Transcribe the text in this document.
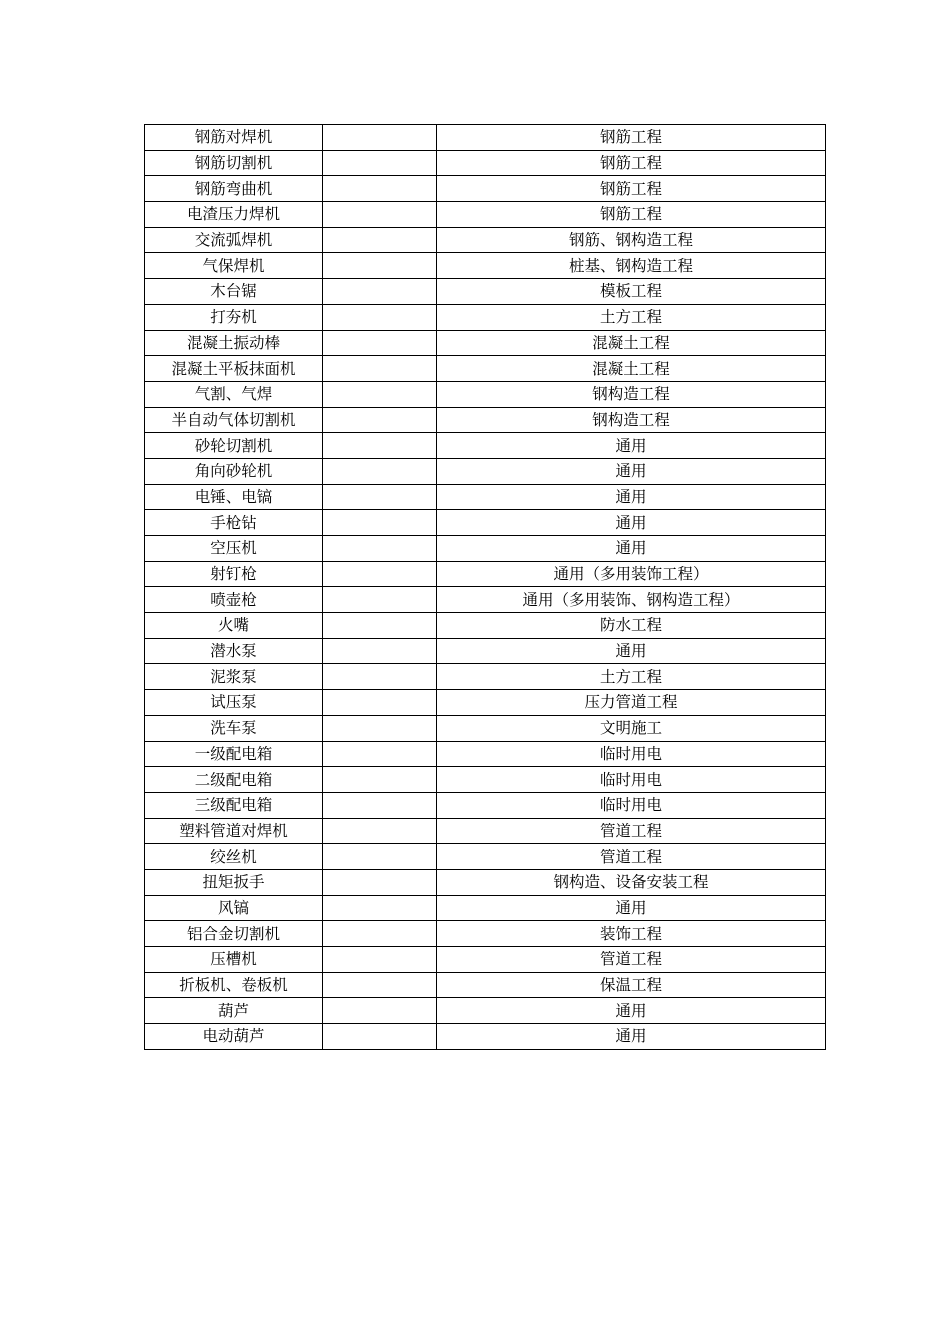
钢筋对焊机		钢筋工程
钢筋切割机		钢筋工程
钢筋弯曲机		钢筋工程
电渣压力焊机		钢筋工程
交流弧焊机		钢筋、钢构造工程
气保焊机		桩基、钢构造工程
木台锯		模板工程
打夯机		土方工程
混凝土振动棒		混凝土工程
混凝土平板抹面机		混凝土工程
气割、气焊		钢构造工程
半自动气体切割机		钢构造工程
砂轮切割机		通用
角向砂轮机		通用
电锤、电镐		通用
手枪钻		通用
空压机		通用
射钉枪		通用（多用装饰工程）
喷壶枪		通用（多用装饰、钢构造工程）
火嘴		防水工程
潜水泵		通用
泥浆泵		土方工程
试压泵		压力管道工程
洗车泵		文明施工
一级配电箱		临时用电
二级配电箱		临时用电
三级配电箱		临时用电
塑料管道对焊机		管道工程
绞丝机		管道工程
扭矩扳手		钢构造、设备安装工程
风镐		通用
铝合金切割机		装饰工程
压槽机		管道工程
折板机、卷板机		保温工程
葫芦		通用
电动葫芦		通用
